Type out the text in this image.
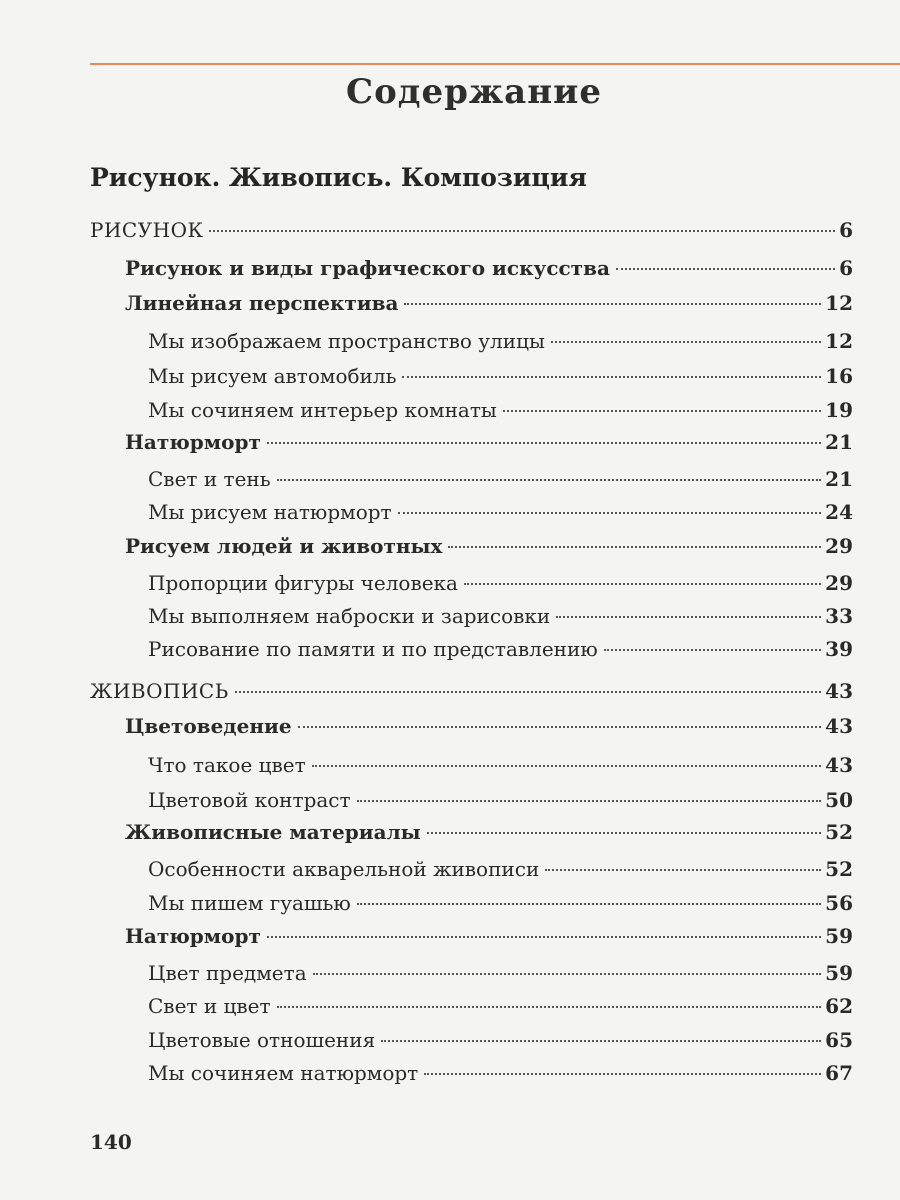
Содержание
Рисунок. Живопись. Композиция
РИСУНОК	6
Рисунок и виды графического искусства	6
Линейная перспектива	12
Мы изображаем пространство улицы	12
Мы рисуем автомобиль	16
Мы сочиняем интерьер комнаты	19
Натюрморт	21
Свет и тень	21
Мы рисуем натюрморт	24
Рисуем людей и животных	29
Пропорции фигуры человека	29
Мы выполняем наброски и зарисовки	33
Рисование по памяти и по представлению	39
ЖИВОПИСЬ	43
Цветоведение	43
Что такое цвет	43
Цветовой контраст	50
Живописные материалы	52
Особенности акварельной живописи	52
Мы пишем гуашью	56
Натюрморт	59
Цвет предмета	59
Свет и цвет	62
Цветовые отношения	65
Мы сочиняем натюрморт	67
140
